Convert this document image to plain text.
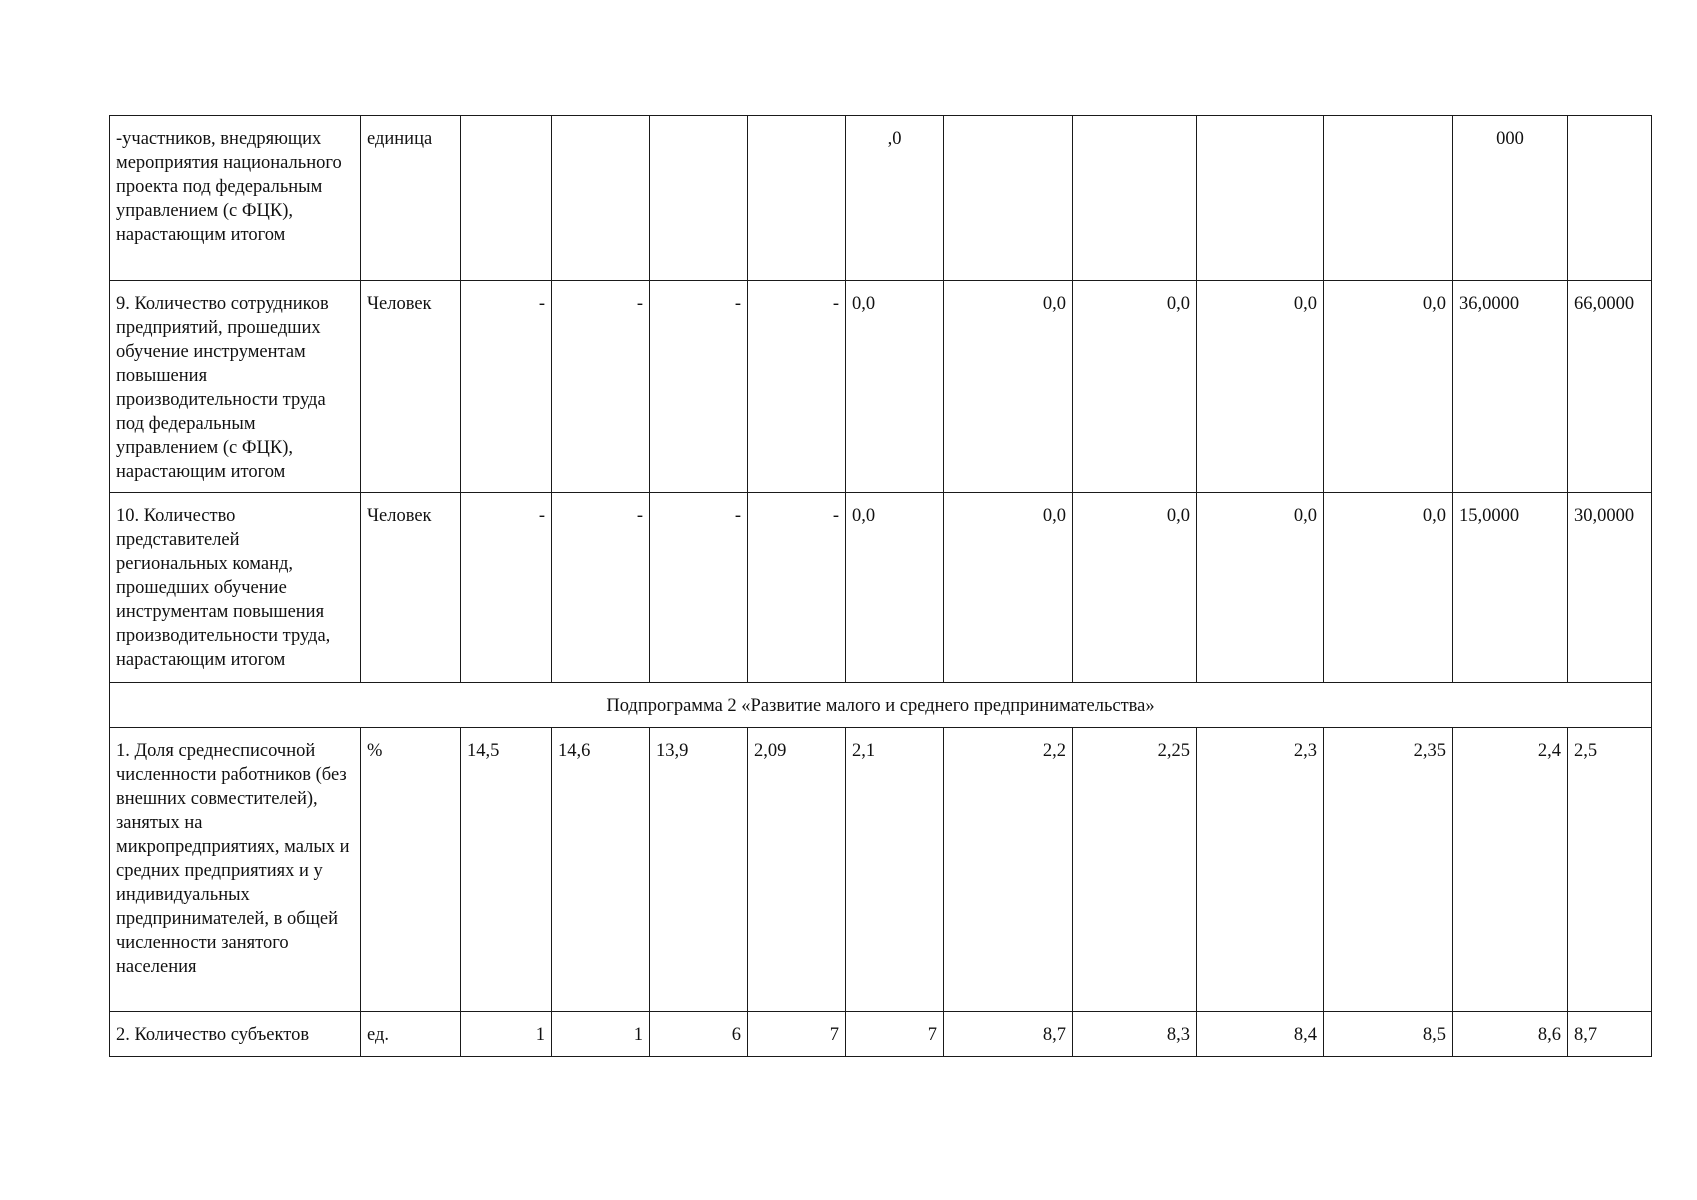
-участников, внедряющих мероприятия национального проекта под федеральным управлением (с ФЦК), нарастающим итогом	единица					,0					000	
9. Количество сотрудников предприятий, прошедших обучение инструментам повышения производительности труда под федеральным управлением (с ФЦК), нарастающим итогом	Человек	-	-	-	-	0,0	0,0	0,0	0,0	0,0	36,0000	66,0000
10. Количество представителей региональных команд, прошедших обучение инструментам повышения производительности труда, нарастающим итогом	Человек	-	-	-	-	0,0	0,0	0,0	0,0	0,0	15,0000	30,0000
Подпрограмма 2 «Развитие малого и среднего предпринимательства»												
1. Доля среднесписочной численности работников (без внешних совместителей), занятых на микропредприятиях, малых и средних предприятиях и у индивидуальных предпринимателей, в общей численности занятого населения	%	14,5	14,6	13,9	2,09	2,1	2,2	2,25	2,3	2,35	2,4	2,5
2. Количество субъектов	ед.	1	1	6	7	7	8,7	8,3	8,4	8,5	8,6	8,7
